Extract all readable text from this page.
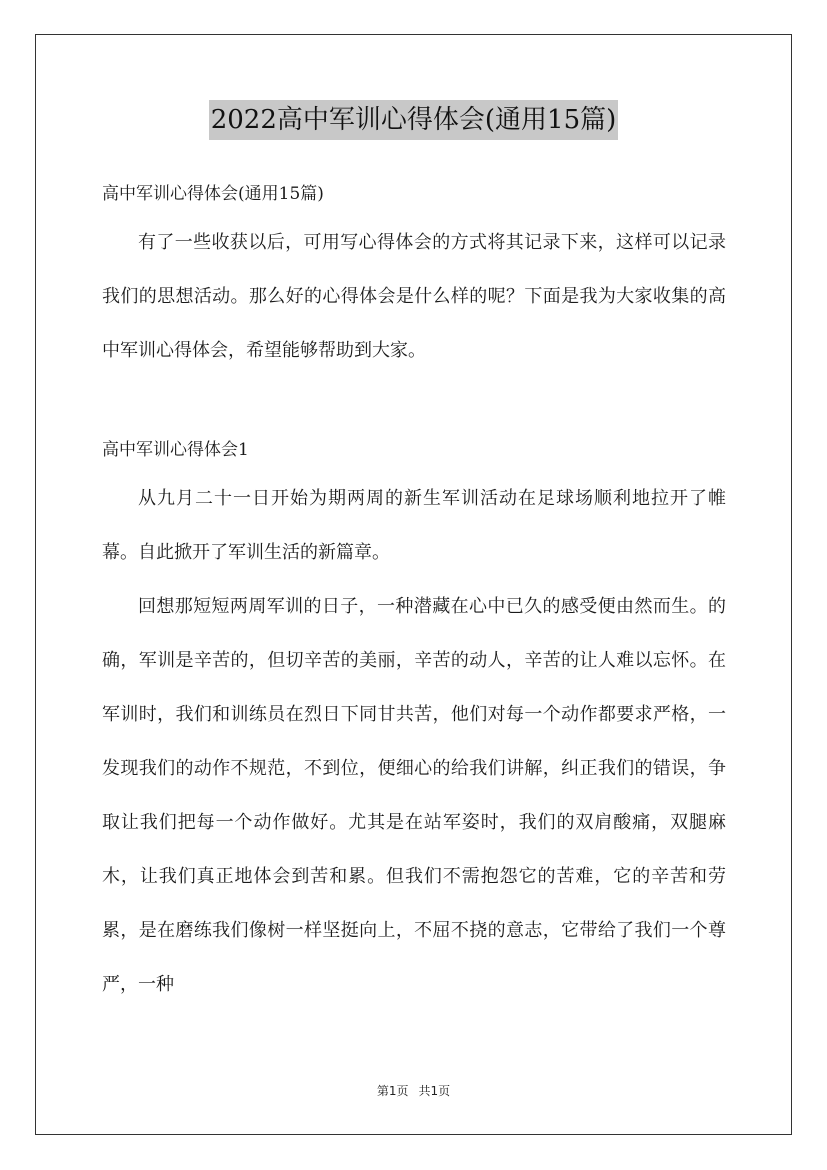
2022高中军训心得体会(通用15篇)

高中军训心得体会(通用15篇)

有了一些收获以后，可用写心得体会的方式将其记录下来，这样可以记录我们的思想活动。那么好的心得体会是什么样的呢？下面是我为大家收集的高中军训心得体会，希望能够帮助到大家。

高中军训心得体会1

从九月二十一日开始为期两周的新生军训活动在足球场顺利地拉开了帷幕。自此掀开了军训生活的新篇章。

回想那短短两周军训的日子，一种潜藏在心中已久的感受便由然而生。的确，军训是辛苦的，但切辛苦的美丽，辛苦的动人，辛苦的让人难以忘怀。在军训时，我们和训练员在烈日下同甘共苦，他们对每一个动作都要求严格，一发现我们的动作不规范，不到位，便细心的给我们讲解，纠正我们的错误，争取让我们把每一个动作做好。尤其是在站军姿时，我们的双肩酸痛，双腿麻木，让我们真正地体会到苦和累。但我们不需抱怨它的苦难，它的辛苦和劳累，是在磨练我们像树一样坚挺向上，不屈不挠的意志，它带给了我们一个尊严，一种

第1页 共1页
